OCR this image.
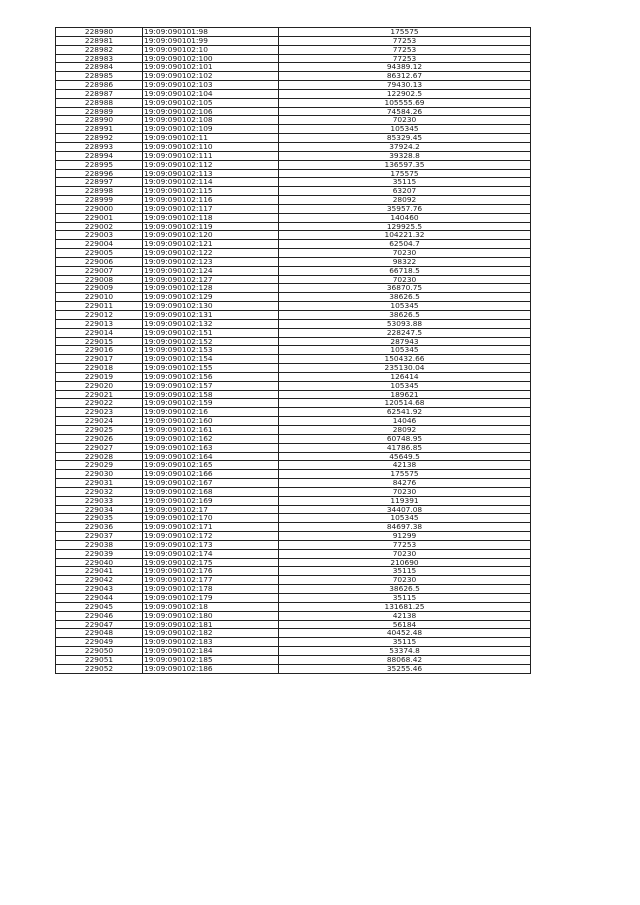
228980	19:09:090101:98	175575
228981	19:09:090101:99	77253
228982	19:09:090102:10	77253
228983	19:09:090102:100	77253
228984	19:09:090102:101	94389.12
228985	19:09:090102:102	86312.67
228986	19:09:090102:103	79430.13
228987	19:09:090102:104	122902.5
228988	19:09:090102:105	105555.69
228989	19:09:090102:106	74584.26
228990	19:09:090102:108	70230
228991	19:09:090102:109	105345
228992	19:09:090102:11	85329.45
228993	19:09:090102:110	37924.2
228994	19:09:090102:111	39328.8
228995	19:09:090102:112	136597.35
228996	19:09:090102:113	175575
228997	19:09:090102:114	35115
228998	19:09:090102:115	63207
228999	19:09:090102:116	28092
229000	19:09:090102:117	35957.76
229001	19:09:090102:118	140460
229002	19:09:090102:119	129925.5
229003	19:09:090102:120	104221.32
229004	19:09:090102:121	62504.7
229005	19:09:090102:122	70230
229006	19:09:090102:123	98322
229007	19:09:090102:124	66718.5
229008	19:09:090102:127	70230
229009	19:09:090102:128	36870.75
229010	19:09:090102:129	38626.5
229011	19:09:090102:130	105345
229012	19:09:090102:131	38626.5
229013	19:09:090102:132	53093.88
229014	19:09:090102:151	228247.5
229015	19:09:090102:152	287943
229016	19:09:090102:153	105345
229017	19:09:090102:154	150432.66
229018	19:09:090102:155	235130.04
229019	19:09:090102:156	126414
229020	19:09:090102:157	105345
229021	19:09:090102:158	189621
229022	19:09:090102:159	120514.68
229023	19:09:090102:16	62541.92
229024	19:09:090102:160	14046
229025	19:09:090102:161	28092
229026	19:09:090102:162	60748.95
229027	19:09:090102:163	41786.85
229028	19:09:090102:164	45649.5
229029	19:09:090102:165	42138
229030	19:09:090102:166	175575
229031	19:09:090102:167	84276
229032	19:09:090102:168	70230
229033	19:09:090102:169	119391
229034	19:09:090102:17	34407.08
229035	19:09:090102:170	105345
229036	19:09:090102:171	84697.38
229037	19:09:090102:172	91299
229038	19:09:090102:173	77253
229039	19:09:090102:174	70230
229040	19:09:090102:175	210690
229041	19:09:090102:176	35115
229042	19:09:090102:177	70230
229043	19:09:090102:178	38626.5
229044	19:09:090102:179	35115
229045	19:09:090102:18	131681.25
229046	19:09:090102:180	42138
229047	19:09:090102:181	56184
229048	19:09:090102:182	40452.48
229049	19:09:090102:183	35115
229050	19:09:090102:184	53374.8
229051	19:09:090102:185	88068.42
229052	19:09:090102:186	35255.46
